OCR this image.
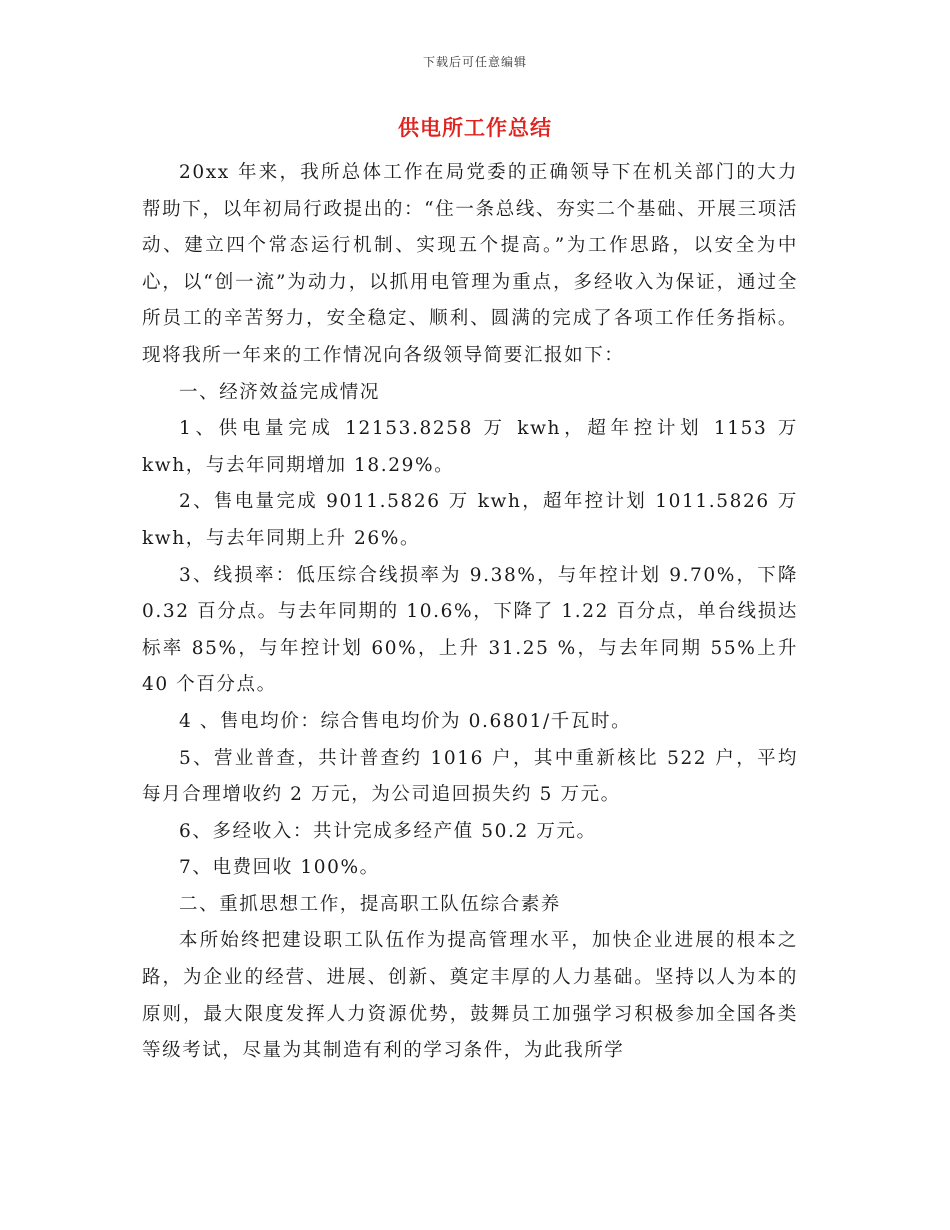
下载后可任意编辑
供电所工作总结

20xx 年来，我所总体工作在局党委的正确领导下在机关部门的大力帮助下，以年初局行政提出的：“住一条总线、夯实二个基础、开展三项活动、建立四个常态运行机制、实现五个提高。”为工作思路，以安全为中心，以“创一流”为动力，以抓用电管理为重点，多经收入为保证，通过全所员工的辛苦努力，安全稳定、顺利、圆满的完成了各项工作任务指标。现将我所一年来的工作情况向各级领导简要汇报如下：

一、经济效益完成情况

1、供电量完成 12153.8258 万 kwh，超年控计划 1153 万 kwh，与去年同期增加 18.29%。

2、售电量完成 9011.5826 万 kwh，超年控计划 1011.5826 万 kwh，与去年同期上升 26%。

3、线损率：低压综合线损率为 9.38%，与年控计划 9.70%，下降 0.32 百分点。与去年同期的 10.6%，下降了 1.22 百分点，单台线损达标率 85%，与年控计划 60%，上升 31.25 %，与去年同期 55%上升 40 个百分点。

4 、售电均价：综合售电均价为 0.6801/千瓦时。

5、营业普查，共计普查约 1016 户，其中重新核比 522 户，平均每月合理增收约 2 万元，为公司追回损失约 5 万元。

6、多经收入：共计完成多经产值 50.2 万元。

7、电费回收 100%。

二、重抓思想工作，提高职工队伍综合素养

本所始终把建设职工队伍作为提高管理水平，加快企业进展的根本之路，为企业的经营、进展、创新、奠定丰厚的人力基础。坚持以人为本的原则，最大限度发挥人力资源优势，鼓舞员工加强学习积极参加全国各类等级考试，尽量为其制造有利的学习条件，为此我所学
